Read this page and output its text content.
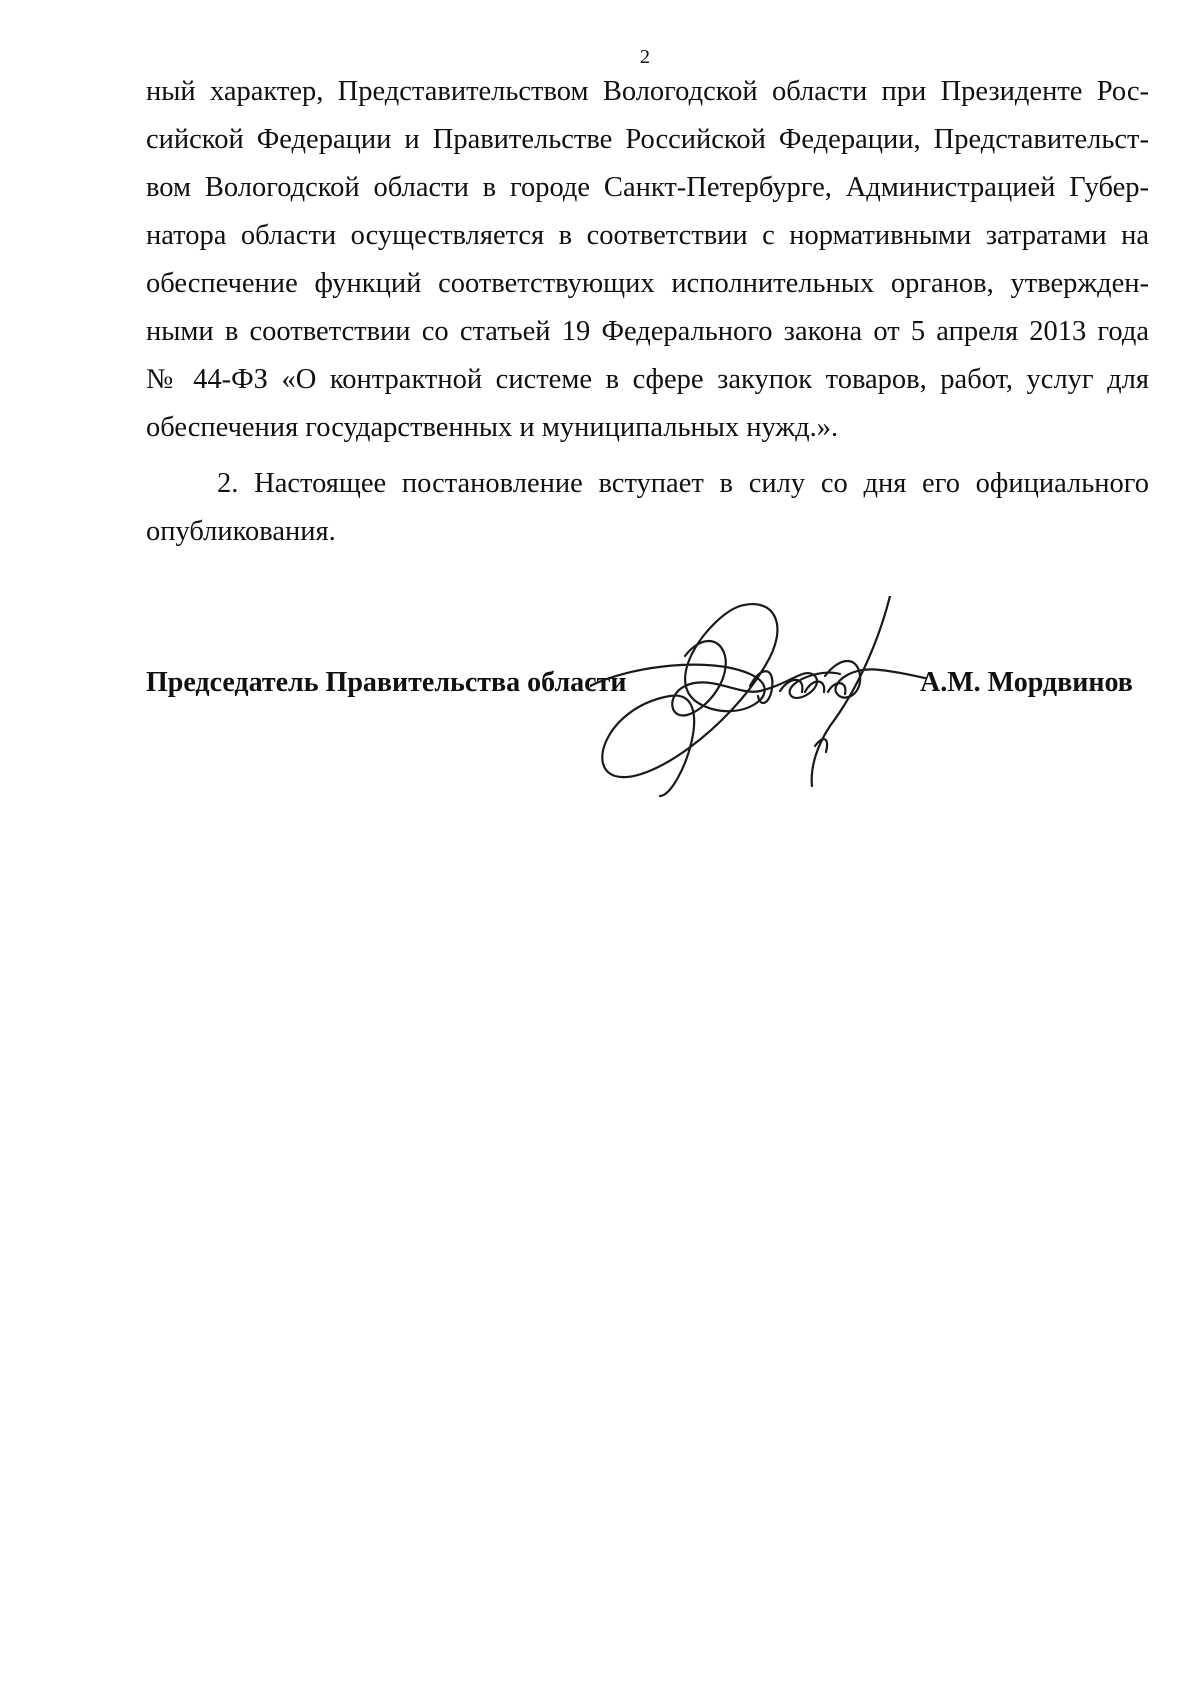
2
ный характер, Представительством Вологодской области при Президенте Рос-
сийской Федерации и Правительстве Российской Федерации, Представительст-
вом Вологодской области в городе Санкт-Петербурге, Администрацией Губер-
натора области осуществляется в соответствии с нормативными затратами на
обеспечение функций соответствующих исполнительных органов, утвержден-
ными в соответствии со статьей 19 Федерального закона от 5 апреля 2013 года
№ 44-ФЗ «О контрактной системе в сфере закупок товаров, работ, услуг для
обеспечения государственных и муниципальных нужд.».
2. Настоящее постановление вступает в силу со дня его официального
опубликования.
Председатель Правительства области	А.М. Мордвинов
